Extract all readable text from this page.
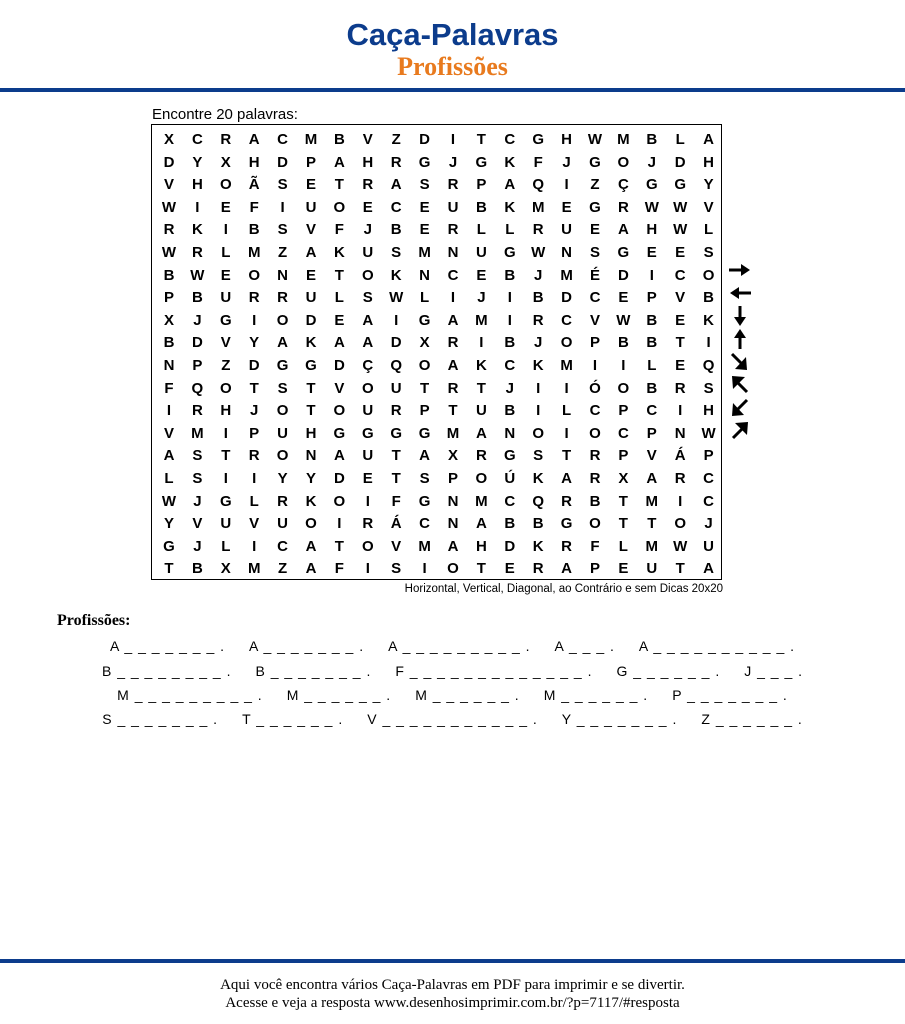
Caça-Palavras
Profissões
Encontre 20 palavras:
X	C	R	A	C	M	B	V	Z	D	I	T	C	G	H	W	M	B	L	A
D	Y	X	H	D	P	A	H	R	G	J	G	K	F	J	G	O	J	D	H
V	H	O	Ã	S	E	T	R	A	S	R	P	A	Q	I	Z	Ç	G	G	Y
W	I	E	F	I	U	O	E	C	E	U	B	K	M	E	G	R	W W	V
R	K	I	B	S	V	F	J	B	E	R	L	L	R	U	E	A	H	W	L
W	R	L	M	Z	A	K	U	S	M	N	U	G	W	N	S	G	E	E	S
B	W	E	O	N	E	T	O	K	N	C	E	B	J	M	É	D	I	C	O
P	B	U	R	R	U	L	S	W	L	I	J	I	B	D	C	E	P	V	B
X	J	G	I	O	D	E	A	I	G	A	M	I	R	C	V	W	B	E	K
B	D	V	Y	A	K	A	A	D	X	R	I	B	J	O	P	B	B	T	I
N	P	Z	D	G	G	D	Ç	Q	O	A	K	C	K	M	I	I	L	E	Q
F	Q	O	T	S	T	V	O	U	T	R	T	J	I	I	Ó	O	B	R	S
I	R	H	J	O	T	O	U	R	P	T	U	B	I	L	C	P	C	I	H
V	M	I	P	U	H	G	G	G	G	M	A	N	O	I	O	C	P	N	W
A	S	T	R	O	N	A	U	T	A	X	R	G	S	T	R	P	V	Á	P
L	S	I	I	Y	Y	D	E	T	S	P	O	Ú	K	A	R	X	A	R	C
W	J	G	L	R	K	O	I	F	G	N	M	C	Q	R	B	T	M	I	C
Y	V	U	V	U	O	I	R	Á	C	N	A	B	B	G	O	T	T	O	J
G	J	L	I	C	A	T	O	V	M	A	H	D	K	R	F	L	M	W	U
T	B	X	M	Z	A	F	I	S	I	O	T	E	R	A	P	E	U	T	A
Horizontal, Vertical, Diagonal, ao Contrário e sem Dicas 20x20
Profissões:
A _ _ _ _ _ _ _ . A _ _ _ _ _ _ _ . A _ _ _ _ _ _ _ _ _ . A _ _ _ . A _ _ _ _ _ _ _ _ _ _ .
B _ _ _ _ _ _ _ _ . B _ _ _ _ _ _ _ . F _ _ _ _ _ _ _ _ _ _ _ _ _ . G _ _ _ _ _ _ . J _ _ _ .
M _ _ _ _ _ _ _ _ _ . M _ _ _ _ _ _ . M _ _ _ _ _ _ . M _ _ _ _ _ _ . P _ _ _ _ _ _ _ .
S _ _ _ _ _ _ _ . T _ _ _ _ _ _ . V _ _ _ _ _ _ _ _ _ _ _ . Y _ _ _ _ _ _ _ . Z _ _ _ _ _ _ .
Aqui você encontra vários Caça-Palavras em PDF para imprimir e se divertir.
Acesse e veja a resposta www.desenhosimprimir.com.br/?p=7117/#resposta
